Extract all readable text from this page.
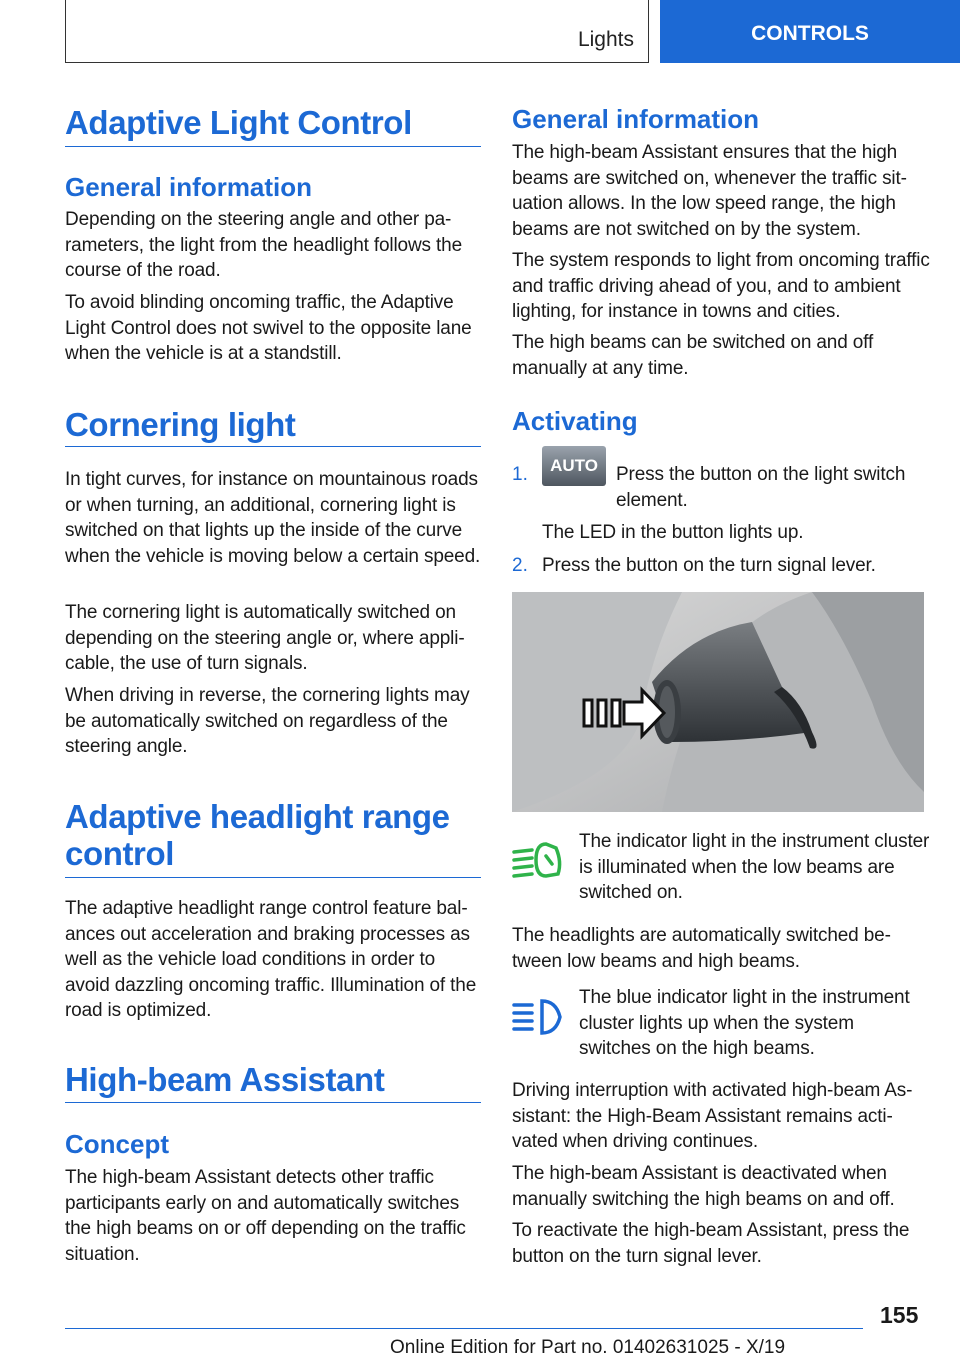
Lights	CONTROLS
Adaptive Light Control
General information
Depending on the steering angle and other parameters, the light from the headlight follows the course of the road.
To avoid blinding oncoming traffic, the Adaptive Light Control does not swivel to the opposite lane when the vehicle is at a standstill.
Cornering light
In tight curves, for instance on mountainous roads or when turning, an additional, cornering light is switched on that lights up the inside of the curve when the vehicle is moving below a certain speed.
The cornering light is automatically switched on depending on the steering angle or, where applicable, the use of turn signals.
When driving in reverse, the cornering lights may be automatically switched on regardless of the steering angle.
Adaptive headlight range control
The adaptive headlight range control feature balances out acceleration and braking processes as well as the vehicle load conditions in order to avoid dazzling oncoming traffic. Illumination of the road is optimized.
High-beam Assistant
Concept
The high-beam Assistant detects other traffic participants early on and automatically switches the high beams on or off depending on the traffic situation.
General information
The high-beam Assistant ensures that the high beams are switched on, whenever the traffic situation allows. In the low speed range, the high beams are not switched on by the system.
The system responds to light from oncoming traffic and traffic driving ahead of you, and to ambient lighting, for instance in towns and cities.
The high beams can be switched on and off manually at any time.
Activating
1. AUTO Press the button on the light switch element.
The LED in the button lights up.
2. Press the button on the turn signal lever.
The indicator light in the instrument cluster is illuminated when the low beams are switched on.
The headlights are automatically switched between low beams and high beams.
The blue indicator light in the instrument cluster lights up when the system switches on the high beams.
Driving interruption with activated high-beam Assistant: the High-Beam Assistant remains activated when driving continues.
The high-beam Assistant is deactivated when manually switching the high beams on and off.
To reactivate the high-beam Assistant, press the button on the turn signal lever.
155
Online Edition for Part no. 01402631025 - X/19
